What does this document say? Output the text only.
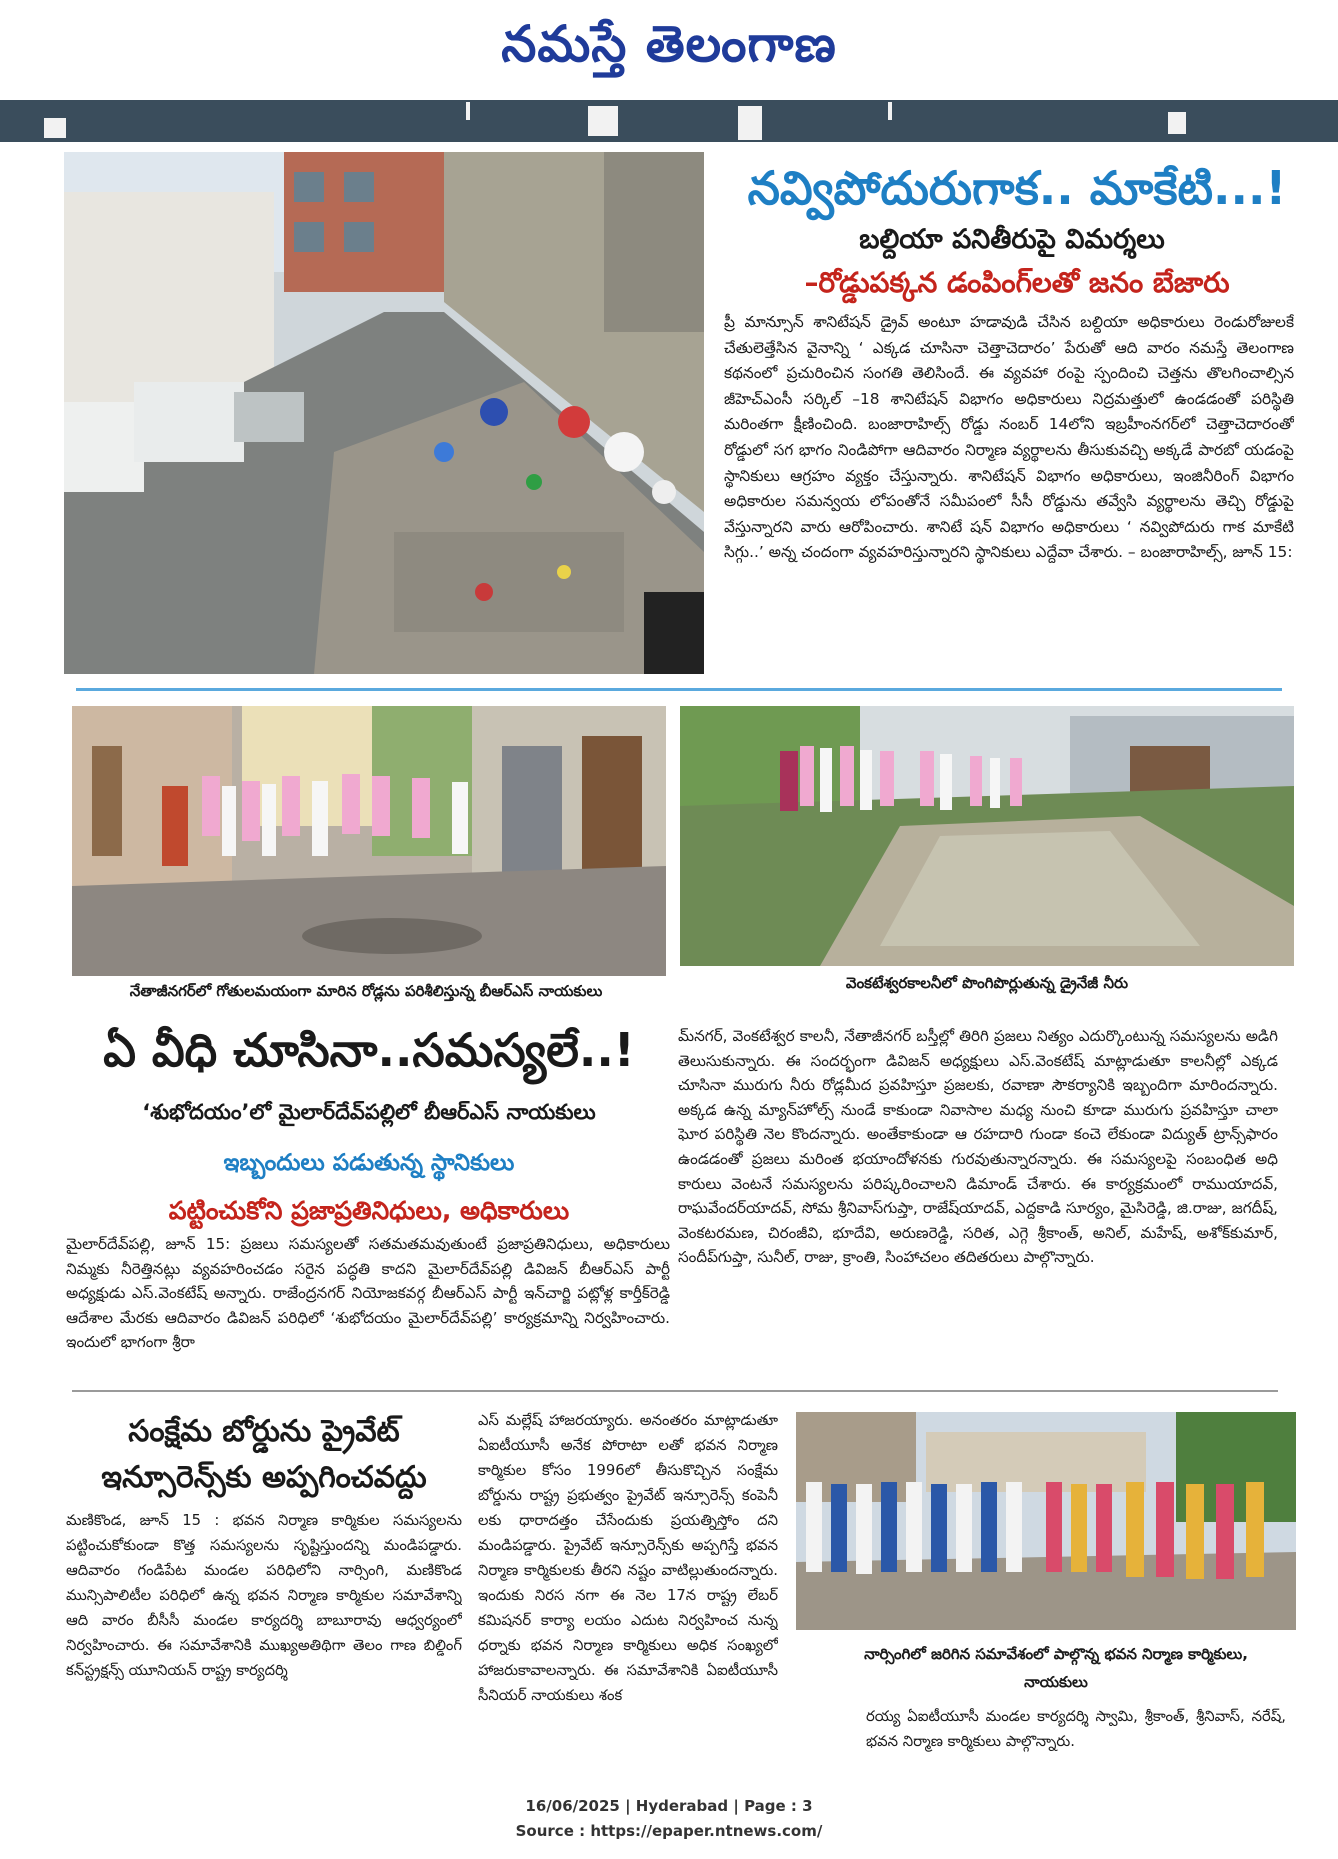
నమస్తే తెలంగాణ
నవ్విపోదురుగాక.. మాకేటి...!
బల్దియా పనితీరుపై విమర్శలు
–రోడ్డుపక్కన డంపింగ్‌లతో జనం బేజారు
ప్రీ మాన్సూన్ శానిటేషన్ డ్రైవ్ అంటూ హడావుడి చేసిన బల్దియా అధికారులు రెండురోజులకే చేతులెత్తేసిన వైనాన్ని ‘ ఎక్కడ చూసినా చెత్తాచెదారం’ పేరుతో ఆది వారం నమస్తే తెలంగాణ కథనంలో ప్రచురించిన సంగతి తెలిసిందే. ఈ వ్యవహా రంపై స్పందించి చెత్తను తొలగించాల్సిన జీహెచ్ఎంసీ సర్కిల్ –18 శానిటేషన్ విభాగం అధికారులు నిద్రమత్తులో ఉండడంతో పరిస్థితి మరింతగా క్షీణించింది. బంజారాహిల్స్ రోడ్డు నంబర్ 14లోని ఇబ్రహీంనగర్‌లో చెత్తాచెదారంతో రోడ్డులో సగ భాగం నిండిపోగా ఆదివారం నిర్మాణ వ్యర్థాలను తీసుకువచ్చి అక్కడే పారబో యడంపై స్థానికులు ఆగ్రహం వ్యక్తం చేస్తున్నారు. శానిటేషన్ విభాగం అధికారులు, ఇంజినీరింగ్ విభాగం అధికారుల సమన్వయ లోపంతోనే సమీపంలో సీసీ రోడ్డును తవ్వేసి వ్యర్థాలను తెచ్చి రోడ్డుపై వేస్తున్నారని వారు ఆరోపించారు. శానిటే షన్ విభాగం అధికారులు ‘ నవ్విపోదురు గాక మాకేటి సిగ్గు..’ అన్న చందంగా వ్యవహరిస్తున్నారని స్థానికులు ఎద్దేవా చేశారు. – బంజారాహిల్స్, జూన్ 15:
నేతాజీనగర్‌లో గోతులమయంగా మారిన రోడ్లను పరిశీలిస్తున్న బీఆర్ఎస్ నాయకులు	వెంకటేశ్వరకాలనీలో పొంగిపొర్లుతున్న డ్రైనేజీ నీరు
ఏ వీధి చూసినా..సమస్యలే..!
‘శుభోదయం’లో మైలార్‌దేవ్‌పల్లిలో బీఆర్ఎస్ నాయకులు
ఇబ్బందులు పడుతున్న స్థానికులు
పట్టించుకోని ప్రజాప్రతినిధులు, అధికారులు
మైలార్‌దేవ్‌పల్లి, జూన్ 15: ప్రజలు సమస్యలతో సతమతమవుతుంటే ప్రజాప్రతినిధులు, అధికారులు నిమ్మకు నీరెత్తినట్లు వ్యవహరించడం సరైన పద్ధతి కాదని మైలార్‌దేవ్‌పల్లి డివిజన్ బీఆర్ఎస్ పార్టీ అధ్యక్షుడు ఎస్.వెంకటేష్ అన్నారు. రాజేంద్రనగర్ నియోజకవర్గ బీఆర్ఎస్ పార్టీ ఇన్‌చార్జి పట్లోళ్ల కార్తీక్‌రెడ్డి ఆదేశాల మేరకు ఆదివారం డివిజన్ పరిధిలో ‘శుభోదయం మైలార్‌దేవ్‌పల్లి’ కార్యక్రమాన్ని నిర్వహించారు. ఇందులో భాగంగా శ్రీరా
మ్‌నగర్, వెంకటేశ్వర కాలనీ, నేతాజీనగర్ బస్తీల్లో తిరిగి ప్రజలు నిత్యం ఎదుర్కొంటున్న సమస్యలను అడిగి తెలుసుకున్నారు. ఈ సందర్భంగా డివిజన్ అధ్యక్షులు ఎస్.వెంకటేష్ మాట్లాడుతూ కాలనీల్లో ఎక్కడ చూసినా మురుగు నీరు రోడ్లమీద ప్రవహిస్తూ ప్రజలకు, రవాణా సౌకర్యానికి ఇబ్బందిగా మారిందన్నారు. అక్కడ ఉన్న మ్యాన్‌హోల్స్ నుండే కాకుండా నివాసాల మధ్య నుంచి కూడా మురుగు ప్రవహిస్తూ చాలా ఘోర పరిస్థితి నెల కొందన్నారు. అంతేకాకుండా ఆ రహదారి గుండా కంచె లేకుండా విద్యుత్ ట్రాన్స్‌ఫారం ఉండడంతో ప్రజలు మరింత భయాందోళనకు గురవుతున్నారన్నారు. ఈ సమస్యలపై సంబంధిత అధి కారులు వెంటనే సమస్యలను పరిష్కరించాలని డిమాండ్ చేశారు. ఈ కార్యక్రమంలో రాముయాదవ్, రాఘవేందర్‌యాదవ్, సోమ శ్రీనివాస్‌గుప్తా, రాజేష్‌యాదవ్, ఎద్దకాడి సూర్యం, మైసిరెడ్డి, జి.రాజు, జగదీష్, వెంకటరమణ, చిరంజీవి, భూదేవి, అరుణరెడ్డి, సరిత, ఎగ్గె శ్రీకాంత్, అనిల్, మహేష్, అశోక్‌కుమార్, సందీప్‌గుప్తా, సునీల్, రాజు, క్రాంతి, సింహాచలం తదితరులు పాల్గొన్నారు.
సంక్షేమ బోర్డును ప్రైవేట్
ఇన్సూరెన్స్‌కు అప్పగించవద్దు
మణికొండ, జూన్ 15 : భవన నిర్మాణ కార్మికుల సమస్యలను పట్టించుకోకుండా కొత్త సమస్యలను సృష్టిస్తుందన్ని మండిపడ్డారు. ఆదివారం గండిపేట మండల పరిధిలోని నార్సింగి, మణికొండ మున్సిపాలిటీల పరిధిలో ఉన్న భవన నిర్మాణ కార్మికుల సమావేశాన్ని ఆది వారం బీసీసీ మండల కార్యదర్శి బాబూరావు ఆధ్వర్యంలో నిర్వహించారు. ఈ సమావేశానికి ముఖ్యఅతిథిగా తెలం గాణ బిల్డింగ్ కన్‌స్ట్రక్షన్స్ యూనియన్ రాష్ట్ర కార్యదర్శి
ఎస్ మల్లేష్ హాజరయ్యారు. అనంతరం మాట్లాడుతూ ఏఐటీయూసీ అనేక పోరాటా లతో భవన నిర్మాణ కార్మికుల కోసం 1996లో తీసుకొచ్చిన సంక్షేమ బోర్డును రాష్ట్ర ప్రభుత్వం ప్రైవేట్ ఇన్సూరెన్స్ కంపెనీ లకు ధారాదత్తం చేసేందుకు ప్రయత్నిస్తోం దని మండిపడ్డారు. ప్రైవేట్ ఇన్సూరెన్స్‌కు అప్పగిస్తే భవన నిర్మాణ కార్మికులకు తీరని నష్టం వాటిల్లుతుందన్నారు. ఇందుకు నిరస నగా ఈ నెల 17న రాష్ట్ర లేబర్ కమిషనర్ కార్యా లయం ఎదుట నిర్వహించ నున్న ధర్నాకు భవన నిర్మాణ కార్మికులు అధిక సంఖ్యలో హాజరుకావాలన్నారు. ఈ సమావేశానికి ఏఐటీయూసీ సీనియర్ నాయకులు శంక
నార్సింగిలో జరిగిన సమావేశంలో పాల్గొన్న భవన నిర్మాణ కార్మికులు, నాయకులు
రయ్య ఏఐటీయూసీ మండల కార్యదర్శి స్వామి, శ్రీకాంత్, శ్రీనివాస్, నరేష్, భవన నిర్మాణ కార్మికులు పాల్గొన్నారు.
16/06/2025 | Hyderabad | Page : 3
Source : https://epaper.ntnews.com/
